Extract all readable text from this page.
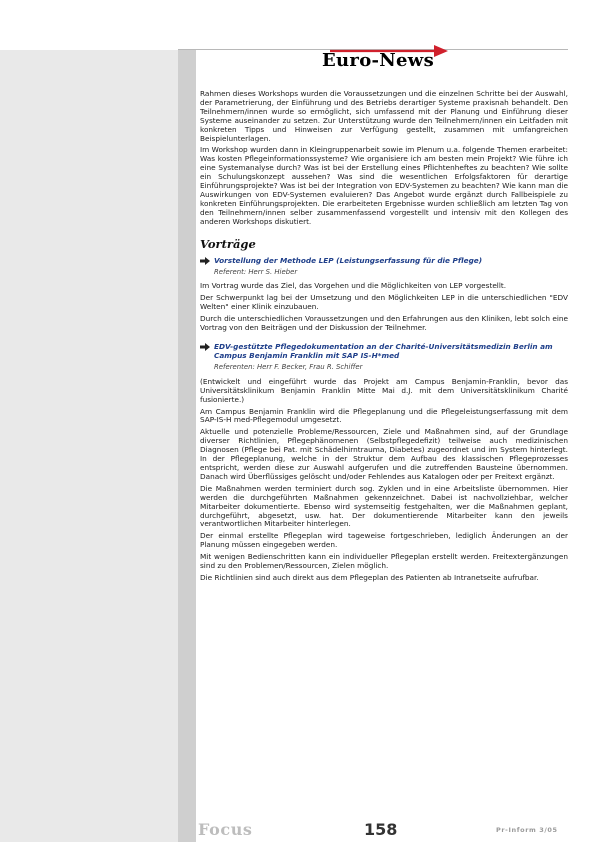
Euro-News

Rahmen dieses Workshops wurden die Voraussetzungen und die einzelnen Schritte bei der Auswahl, der Parametrierung, der Einführung und des Betriebs derartiger Systeme praxisnah behandelt. Den Teilnehmern/innen wurde so ermöglicht, sich umfassend mit der Planung und Einführung dieser Systeme auseinander zu setzen. Zur Unterstützung wurde den Teilnehmern/innen ein Leitfaden mit konkreten Tipps und Hinweisen zur Verfügung gestellt, zusammen mit umfangreichen Beispielunterlagen.

Im Workshop wurden dann in Kleingruppenarbeit sowie im Plenum u.a. folgende Themen erarbeitet: Was kosten Pflegeinformationssysteme? Wie organisiere ich am besten mein Projekt? Wie führe ich eine Systemanalyse durch? Was ist bei der Erstellung eines Pflichtenheftes zu beachten? Wie sollte ein Schulungskonzept aussehen? Was sind die wesentlichen Erfolgsfaktoren für derartige Einführungsprojekte? Was ist bei der Integration von EDV-Systemen zu beachten? Wie kann man die Auswirkungen von EDV-Systemen evaluieren? Das Angebot wurde ergänzt durch Fallbeispiele zu konkreten Einführungsprojekten. Die erarbeiteten Ergebnisse wurden schließlich am letzten Tag von den Teilnehmern/innen selber zusammenfassend vorgestellt und intensiv mit den Kollegen des anderen Workshops diskutiert.

Vorträge
Vorstellung der Methode LEP (Leistungserfassung für die Pflege)
Referent: Herr S. Hieber

Im Vortrag wurde das Ziel, das Vorgehen und die Möglichkeiten von LEP vorgestellt.

Der Schwerpunkt lag bei der Umsetzung und den Möglichkeiten LEP in die unterschiedlichen "EDV Welten" einer Klinik einzubauen.

Durch die unterschiedlichen Voraussetzungen und den Erfahrungen aus den Kliniken, lebt solch eine Vortrag von den Beiträgen und der Diskussion der Teilnehmer.

EDV-gestützte Pflegedokumentation an der Charité-Universitätsmedizin Berlin am Campus Benjamin Franklin mit SAP IS-H*med
Referenten: Herr F. Becker, Frau R. Schiffer

(Entwickelt und eingeführt wurde das Projekt am Campus Benjamin-Franklin, bevor das Universitätsklinikum Benjamin Franklin Mitte Mai d.J. mit dem Universitätsklinikum Charité fusionierte.)

Am Campus Benjamin Franklin wird die Pflegeplanung und die Pflegeleistungserfassung mit dem SAP-IS-H med-Pflegemodul umgesetzt.

Aktuelle und potenzielle Probleme/Ressourcen, Ziele und Maßnahmen sind, auf der Grundlage diverser Richtlinien, Pflegephänomenen (Selbstpflegedefizit) teilweise auch medizinischen Diagnosen (Pflege bei Pat. mit Schädelhirntrauma, Diabetes) zugeordnet und im System hinterlegt. In der Pflegeplanung, welche in der Struktur dem Aufbau des klassischen Pflegeprozesses entspricht, werden diese zur Auswahl aufgerufen und die zutreffenden Bausteine übernommen. Danach wird Überflüssiges gelöscht und/oder Fehlendes aus Katalogen oder per Freitext ergänzt.

Die Maßnahmen werden terminiert durch sog. Zyklen und in eine Arbeitsliste übernommen. Hier werden die durchgeführten Maßnahmen gekennzeichnet. Dabei ist nachvollziehbar, welcher Mitarbeiter dokumentierte. Ebenso wird systemseitig festgehalten, wer die Maßnahmen geplant, durchgeführt, abgesetzt, usw. hat. Der dokumentierende Mitarbeiter kann den jeweils verantwortlichen Mitarbeiter hinterlegen.

Der einmal erstellte Pflegeplan wird tageweise fortgeschrieben, lediglich Änderungen an der Planung müssen eingegeben werden.

Mit wenigen Bedienschritten kann ein individueller Pflegeplan erstellt werden. Freitextergänzungen sind zu den Problemen/Ressourcen, Zielen möglich.

Die Richtlinien sind auch direkt aus dem Pflegeplan des Patienten ab Intranetseite aufrufbar.

Focus	158	Pr-Inform 3/05
